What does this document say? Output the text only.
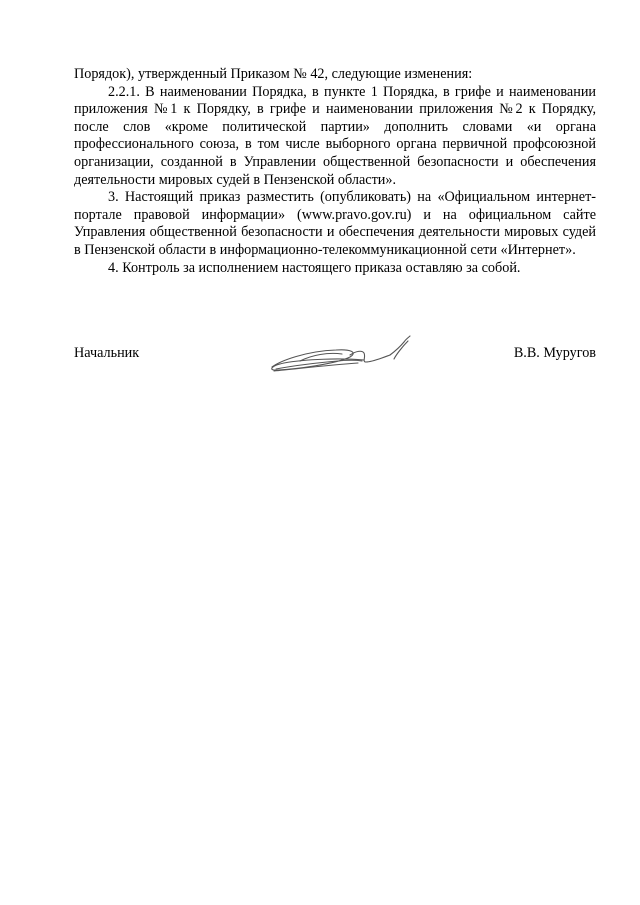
Порядок), утвержденный Приказом № 42, следующие изменения:

2.2.1. В наименовании Порядка, в пункте 1 Порядка, в грифе и наименовании приложения №1 к Порядку, в грифе и наименовании приложения №2 к Порядку, после слов «кроме политической партии» дополнить словами «и органа профессионального союза, в том числе выборного органа первичной профсоюзной организации, созданной в Управлении общественной безопасности и обеспечения деятельности мировых судей в Пензенской области».

3. Настоящий приказ разместить (опубликовать) на «Официальном интернет-портале правовой информации» (www.pravo.gov.ru) и на официальном сайте Управления общественной безопасности и обеспечения деятельности мировых судей в Пензенской области в информационно-телекоммуникационной сети «Интернет».

4. Контроль за исполнением настоящего приказа оставляю за собой.

Начальник	В.В. Муругов
